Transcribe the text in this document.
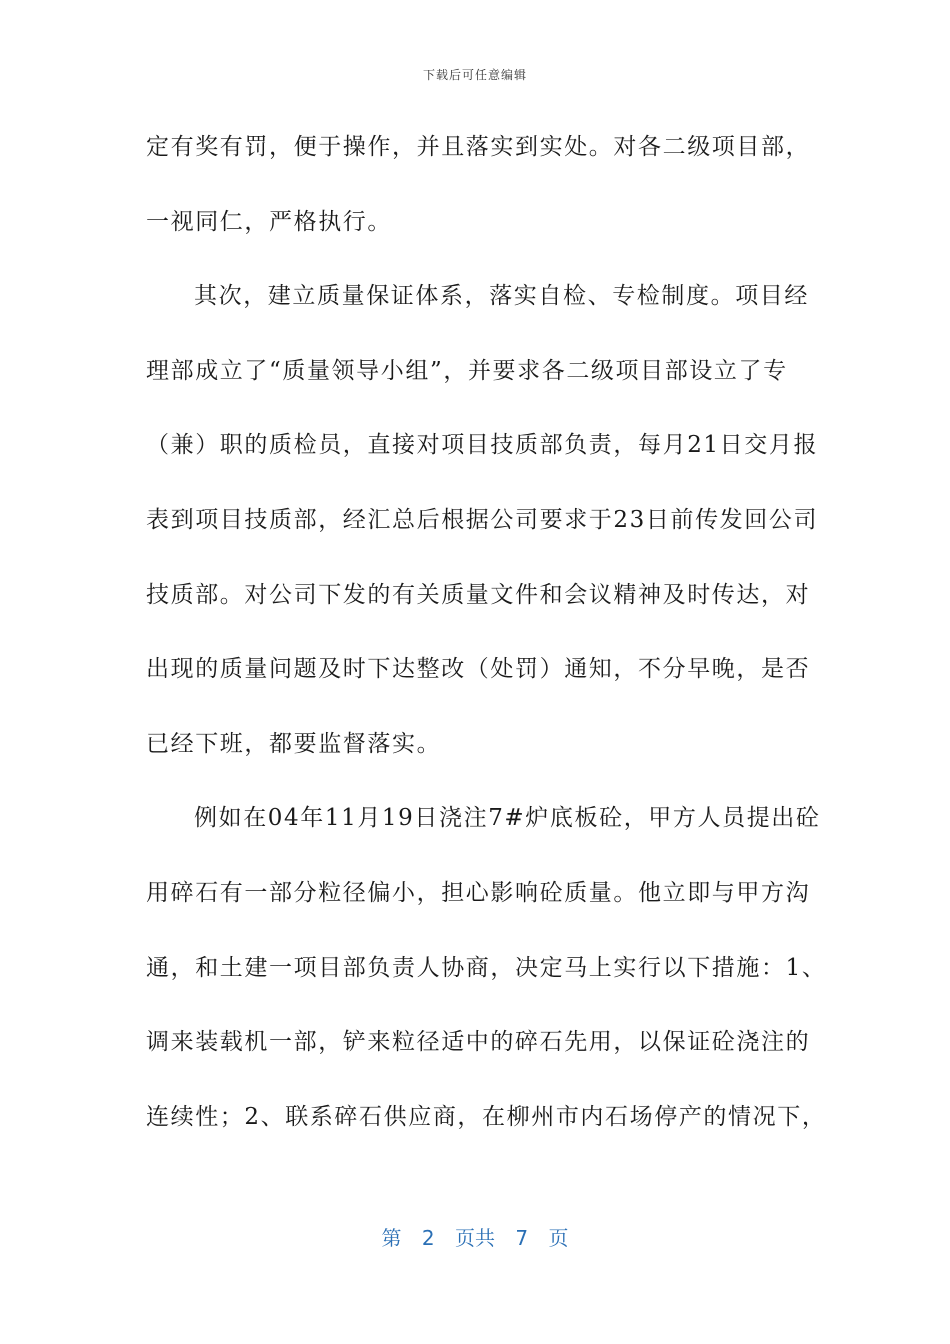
下载后可任意编辑
定有奖有罚，便于操作，并且落实到实处。对各二级项目部，
一视同仁，严格执行。
其次，建立质量保证体系，落实自检、专检制度。项目经
理部成立了“质量领导小组”，并要求各二级项目部设立了专
（兼）职的质检员，直接对项目技质部负责，每月21日交月报
表到项目技质部，经汇总后根据公司要求于23日前传发回公司
技质部。对公司下发的有关质量文件和会议精神及时传达，对
出现的质量问题及时下达整改（处罚）通知，不分早晚，是否
已经下班，都要监督落实。
例如在04年11月19日浇注7#炉底板砼，甲方人员提出砼
用碎石有一部分粒径偏小，担心影响砼质量。他立即与甲方沟
通，和土建一项目部负责人协商，决定马上实行以下措施：1、
调来装载机一部，铲来粒径适中的碎石先用，以保证砼浇注的
连续性；2、联系碎石供应商，在柳州市内石场停产的情况下，
第 2 页共 7 页
